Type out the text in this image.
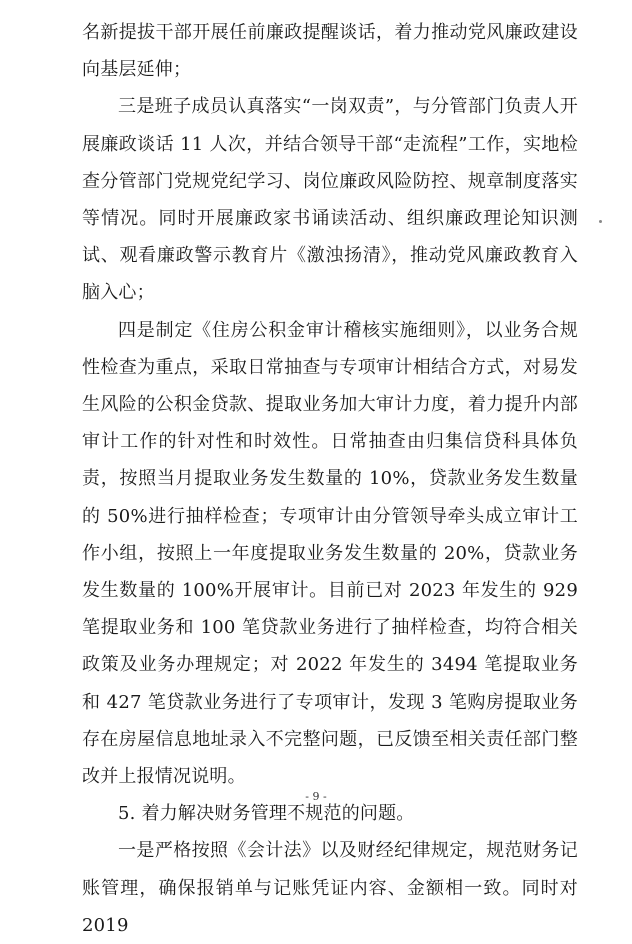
名新提拔干部开展任前廉政提醒谈话，着力推动党风廉政建设向基层延伸；

三是班子成员认真落实“一岗双责”，与分管部门负责人开展廉政谈话 11 人次，并结合领导干部“走流程”工作，实地检查分管部门党规党纪学习、岗位廉政风险防控、规章制度落实等情况。同时开展廉政家书诵读活动、组织廉政理论知识测试、观看廉政警示教育片《激浊扬清》，推动党风廉政教育入脑入心；

四是制定《住房公积金审计稽核实施细则》，以业务合规性检查为重点，采取日常抽查与专项审计相结合方式，对易发生风险的公积金贷款、提取业务加大审计力度，着力提升内部审计工作的针对性和时效性。日常抽查由归集信贷科具体负责，按照当月提取业务发生数量的 10%，贷款业务发生数量的 50%进行抽样检查；专项审计由分管领导牵头成立审计工作小组，按照上一年度提取业务发生数量的 20%，贷款业务发生数量的 100%开展审计。目前已对 2023 年发生的 929 笔提取业务和 100 笔贷款业务进行了抽样检查，均符合相关政策及业务办理规定；对 2022 年发生的 3494 笔提取业务和 427 笔贷款业务进行了专项审计，发现 3 笔购房提取业务存在房屋信息地址录入不完整问题，已反馈至相关责任部门整改并上报情况说明。

5. 着力解决财务管理不规范的问题。

一是严格按照《会计法》以及财经纪律规定，规范财务记账管理，确保报销单与记账凭证内容、金额相一致。同时对 2019

- 9 -
